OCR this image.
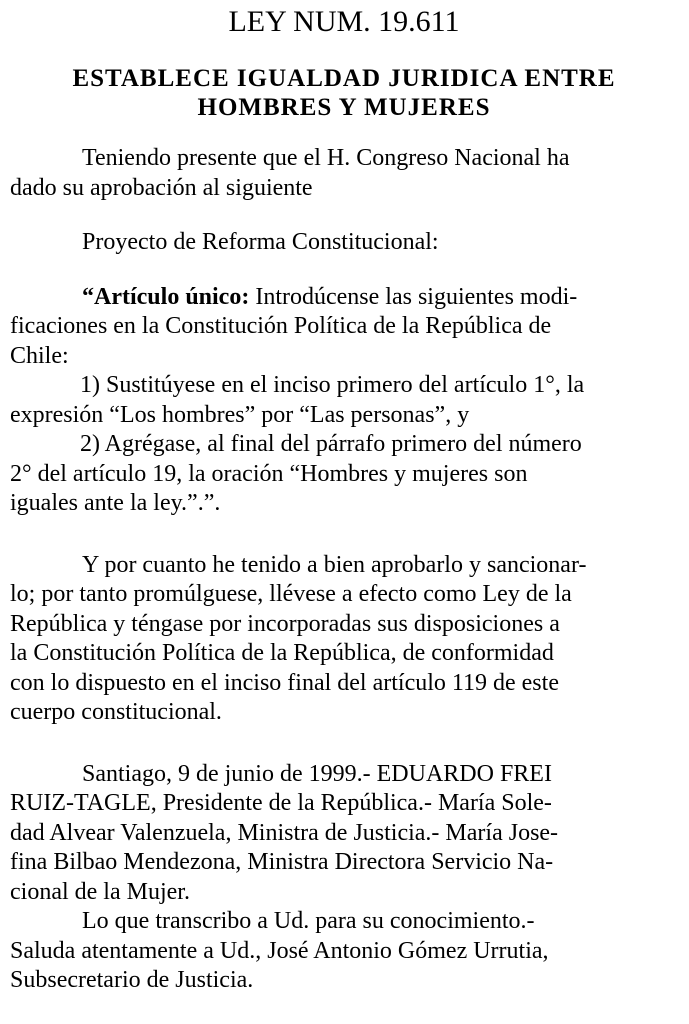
LEY NUM. 19.611
ESTABLECE IGUALDAD JURIDICA ENTRE
HOMBRES Y MUJERES
Teniendo presente que el H. Congreso Nacional ha
dado su aprobación al siguiente
Proyecto de Reforma Constitucional:
“Artículo único: Introdúcense las siguientes modi-
ficaciones en la Constitución Política de la República de
Chile:
1) Sustitúyese en el inciso primero del artículo 1°, la
expresión “Los hombres” por “Las personas”, y
2) Agrégase, al final del párrafo primero del número
2° del artículo 19, la oración “Hombres y mujeres son
iguales ante la ley.”.”.
Y por cuanto he tenido a bien aprobarlo y sancionar-
lo; por tanto promúlguese, llévese a efecto como Ley de la
República y téngase por incorporadas sus disposiciones a
la Constitución Política de la República, de conformidad
con lo dispuesto en el inciso final del artículo 119 de este
cuerpo constitucional.
Santiago, 9 de junio de 1999.- EDUARDO FREI
RUIZ-TAGLE, Presidente de la República.- María Sole-
dad Alvear Valenzuela, Ministra de Justicia.- María Jose-
fina Bilbao Mendezona, Ministra Directora Servicio Na-
cional de la Mujer.
Lo que transcribo a Ud. para su conocimiento.-
Saluda atentamente a Ud., José Antonio Gómez Urrutia,
Subsecretario de Justicia.
